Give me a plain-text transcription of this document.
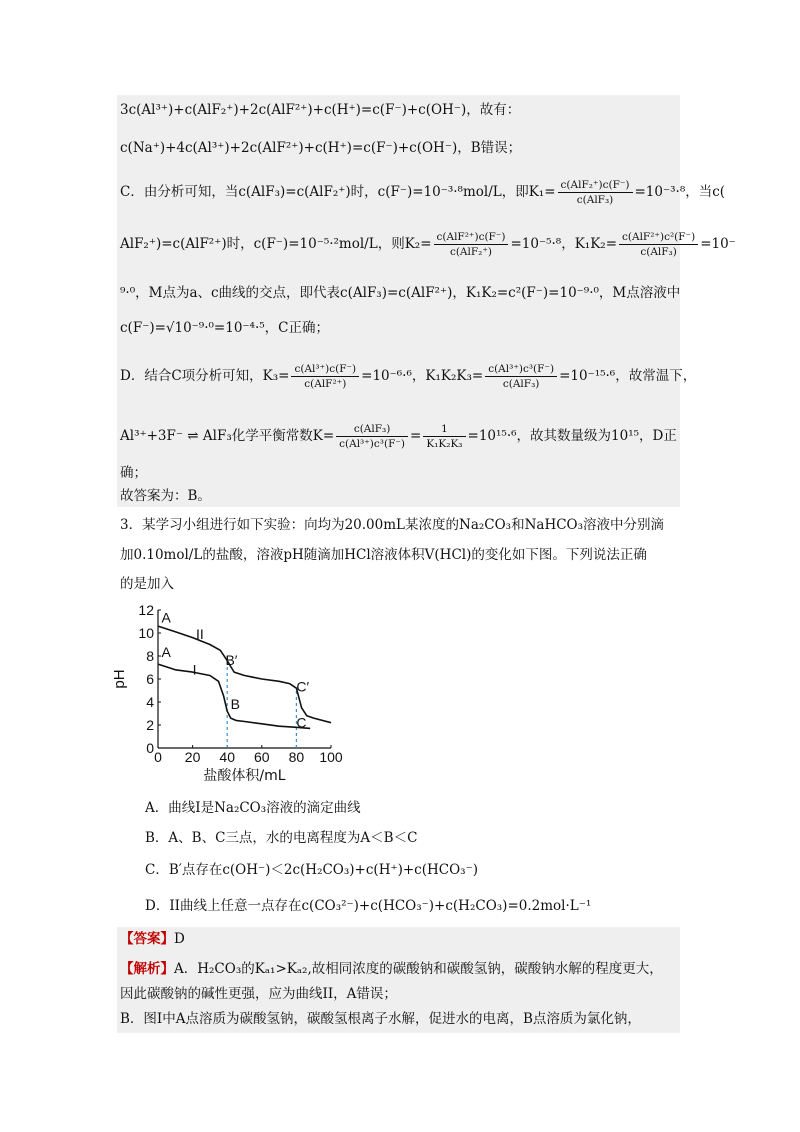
3c(Al³⁺)+c(AlF₂⁺)+2c(AlF²⁺)+c(H⁺)=c(F⁻)+c(OH⁻)，故有：
c(Na⁺)+4c(Al³⁺)+2c(AlF²⁺)+c(H⁺)=c(F⁻)+c(OH⁻)，B错误；
C．由分析可知，当c(AlF₃)=c(AlF₂⁺)时，c(F⁻)=10⁻³·⁸mol/L，即$K_1= \frac{\text{c(AlF₂⁺)c(F⁻)}}{\text{c(AlF₃)}} =10^{-3}\cdot^8$，当c(
AlF₂⁺)=c(AlF²⁺)时，c(F⁻)=10⁻⁵·²mol/L，则$K_2= \frac{\text{c(AlF²⁺)c(F⁻)}}{\text{c(AlF₂⁺)}} =10^{-5}\cdot^8$，$K_1K_2= \frac{\text{c(AlF²⁺)c²(F⁻)}}{\text{c(AlF₃)}} =10^-$
⁹·⁰，M点为a、c曲线的交点，即代表c(AlF₃)=c(AlF²⁺)，K₁K₂=c²(F⁻)=10⁻⁹·⁰，M点溶液中
c(F⁻)=√10⁻⁹·⁰=10⁻⁴·⁵，C正确；
D．结合C项分析可知，$K_3= \frac{\text{c(Al³⁺)c(F⁻)}}{\text{c(AlF²⁺)}} =10^{-6}\cdot^6$，$K_1K_2K_3= \frac{\text{c(Al³⁺)c³(F⁻)}}{\text{c(AlF₃)}} =10^{-15}\cdot^6$，故常温下，
Al³⁺+3F⁻ ⇌ AlF₃化学平衡常数$K= \frac{\text{c(AlF₃)}}{\text{c(Al³⁺)c³(F⁻)}} = \frac{1}{\text{K₁K₂K₃}} =10^{15}\cdot^6$，故其数量级为10¹⁵，D正
确；
故答案为：B。
3．某学习小组进行如下实验：向均为20.00mL某浓度的Na₂CO₃和NaHCO₃溶液中分别滴
加0.10mol/L的盐酸，溶液pH随滴加HCl溶液体积V(HCl)的变化如下图。下列说法正确
的是加入
0 20 40 60 80 100
0
2
4
6
8
10
12 A
A
II
I
B′
B
C′
C
盐酸体积/mL
pH
A．曲线I是Na₂CO₃溶液的滴定曲线
B．A、B、C三点，水的电离程度为A＜B＜C
C．B′点存在c(OH⁻)＜2c(H₂CO₃)+c(H⁺)+c(HCO₃⁻)
D．II曲线上任意一点存在c(CO₃²⁻)+c(HCO₃⁻)+c(H₂CO₃)=0.2mol·L⁻¹
【答案】D
【解析】A．H₂CO₃的Kₐ₁>Kₐ₂,故相同浓度的碳酸钠和碳酸氢钠，碳酸钠水解的程度更大，
因此碳酸钠的碱性更强，应为曲线II，A错误；
B．图I中A点溶质为碳酸氢钠，碳酸氢根离子水解，促进水的电离，B点溶质为氯化钠，
